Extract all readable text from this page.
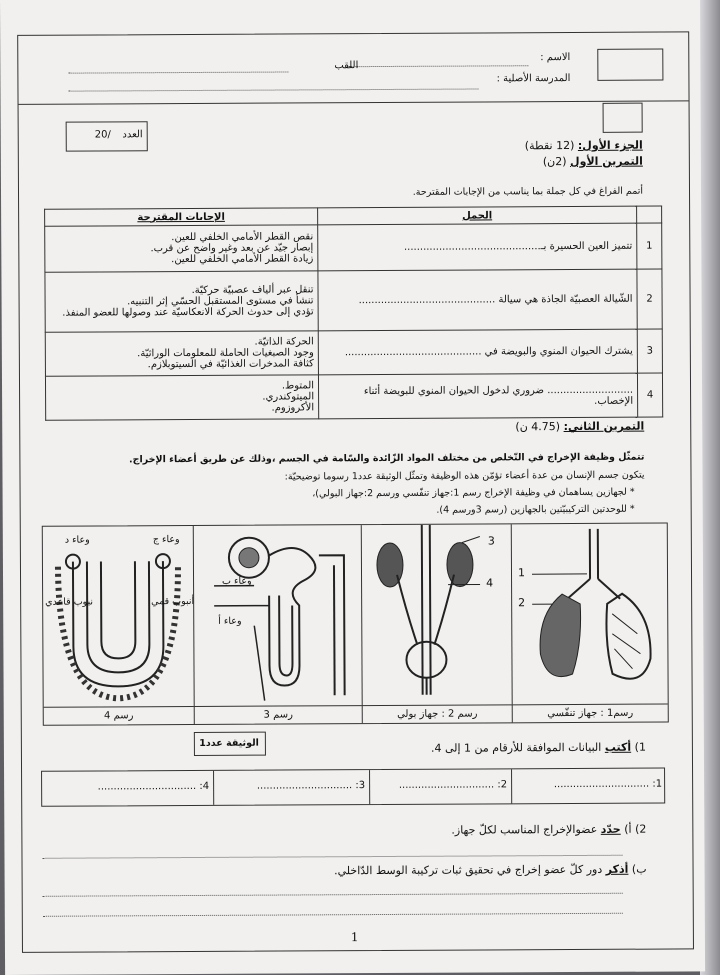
الاسم :
اللقب
المدرسة الأصلية :
العدد
20/
الجزء الأول: (12 نقطة)
التمرين الأول (2ن)
أتمم الفراغ في كل جملة بما يناسب من الإجابات المقترحة.
	الجمل	الإجابات المقترحة
1	تتميز العين الحسيرة بـ...........................................	نقص القطر الأمامي الخلفي للعين.
إبصار جيّد عن بعد وغير واضح عن قرب.
زيادة القطر الأمامي الخلفي للعين.

2	الشّيالة العصبيّة الجاذة هي سيالة ...........................................	تنقل عبر ألياف عصبيّة حركيّة.
تنشأ في مستوى المستقبل الحسّي إثر التنبيه.
تؤدي إلى حدوث الحركة الانعكاسيّة عند وصولها للعضو المنفذ.

3	يشترك الحيوان المنوي والبويضة في ...........................................	الحركة الذاتيّة.
وجود الصبغيات الحاملة للمعلومات الوراثيّة.
كثافة المدخرات الغذائيّة في السيتوبلازم.

4	........................... ضروري لدخول الحيوان المنوي للبويضة أثناء الإخصاب.	المتوط.
الميتوكندري.
الأكروزوم.
التمرين الثاني: (4.75 ن)
تتمثّل وظيفة الإخراج في التّخلص من مختلف المواد الزّائدة والسّامة في الجسم ،وذلك عن طريق أعضاء الإخراج.
يتكون جسم الإنسان من عدة أعضاء تؤمّن هذه الوظيفة وتمثّل الوثيقة عدد1 رسوما توضيحيّة:
* لجهازين يساهمان في وظيفة الإخراج رسم 1:جهاز تنفّسي ورسم 2:جهاز البولي)،
* للوحدتين التركيبيّتين بالجهازين (رسم 3ورسم 4).
وعاء د	وعاء ج
نبوب قاعدي	أنبوب قمي
وعاء ب
وعاء أ
3
4
1
2
رسم 4	رسم 3	رسم 2 : جهاز بولي	رسم1 : جهاز تنفّسي
الوثيقة عدد1	1) أكتب البيانات الموافقة للأرقام من 1 إلى 4.
4: ...............................	3: ..............................	2: ..............................	1: ..............................
2) أ) حدّد عضوالإخراج المناسب لكلّ جهاز.
ب) أذكر دور كلّ عضو إخراج في تحقيق ثبات تركيبة الوسط الدّاخلي.
1
